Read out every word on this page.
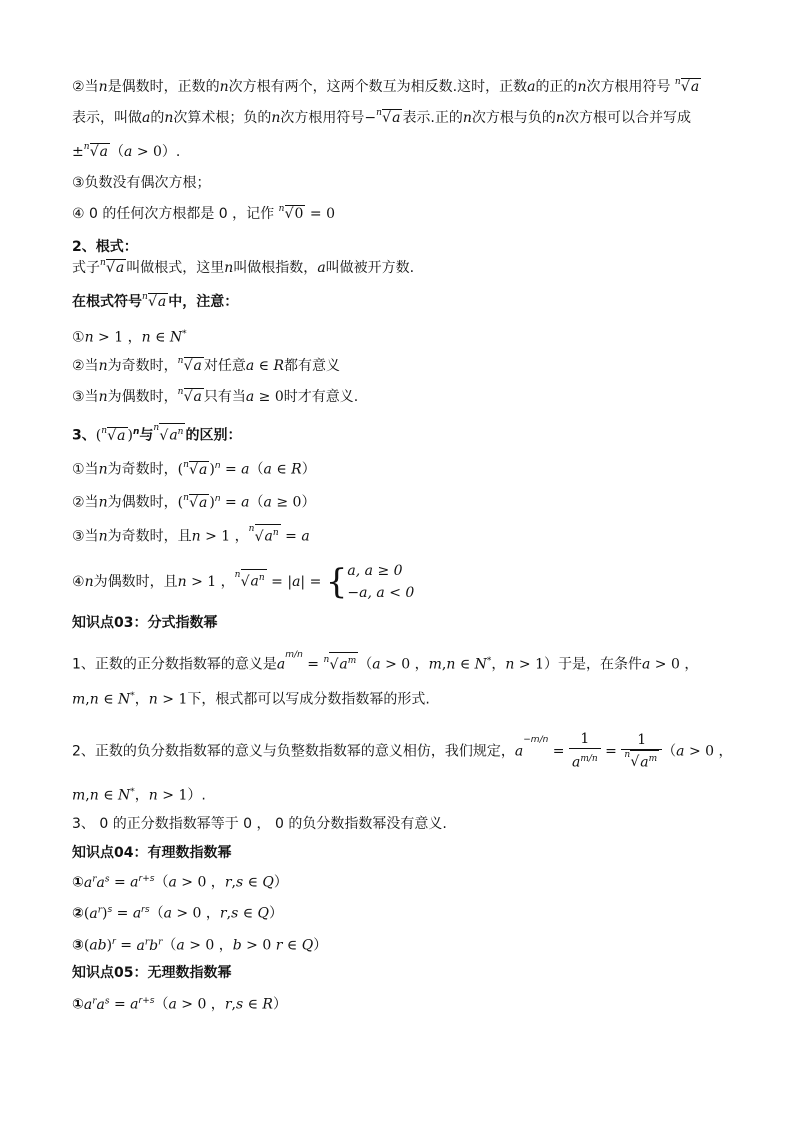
②当n是偶数时，正数的n次方根有两个，这两个数互为相反数.这时，正数a的正的n次方根用符号 n
√ a
表示，叫做a的n次算术根；负的n次方根用符号− n
√ a 表示.正的n次方根与负的n次方根可以合并写成
± n
√ a （a > 0）.
③负数没有偶次方根；
④ 0 的任何次方根都是 0 ，记作 n
√ 0 = 0
2、根式：
式子 n
√ a 叫做根式，这里n叫做根指数，a叫做被开方数.
在根式符号 n
√ a 中，注意：
①n > 1 ，n ∈ N*
②当n为奇数时， n
√ a 对任意a ∈ R都有意义
③当n为偶数时， n
√ a 只有当a ≥ 0时才有意义.
3、( n
√ a )$^n$与 n
√ $a^n$ 的区别：
①当n为奇数时，( n
√ a )$^n$ = a（a ∈ R）
②当n为偶数时，( n
√ a )$^n$ = a（a ≥ 0）
③当n为奇数时，且n > 1 ， n
√ $a^n = a$
④n为偶数时，且n > 1 ， n
√ $a^n = |a|$ = { a, a ≥ 0
−a, a < 0
知识点03：分式指数幂
1、正数的正分数指数幂的意义是$a^{m/n} = n$
√ $a^m$ （a > 0 ，m,n ∈ N*，n > 1）于是，在条件a > 0 ，
m,n ∈ N*，n > 1下，根式都可以写成分数指数幂的形式.
2、正数的负分数指数幂的意义与负整数指数幂的意义相仿，我们规定，$a^{-m/n} = \frac{1}{a^{m/n}} = 1$
n
√ $a^m$ （a > 0 ，
m,n ∈ N*，n > 1）.
3、 0 的正分数指数幂等于 0 ， 0 的负分数指数幂没有意义.
知识点04：有理数指数幂
$①a^ra^s = a^{r+s}(a > 0$ ，r,s ∈ Q）
$②(a^r)^s = a^{rs}(a > 0$ ，r,s ∈ Q）
③(ab)$^r$ = $a^rb^r(a > 0$ ，b > 0 r ∈ Q）
知识点05：无理数指数幂
$①a^ra^s = a^{r+s}(a > 0$ ，r,s ∈ R）
